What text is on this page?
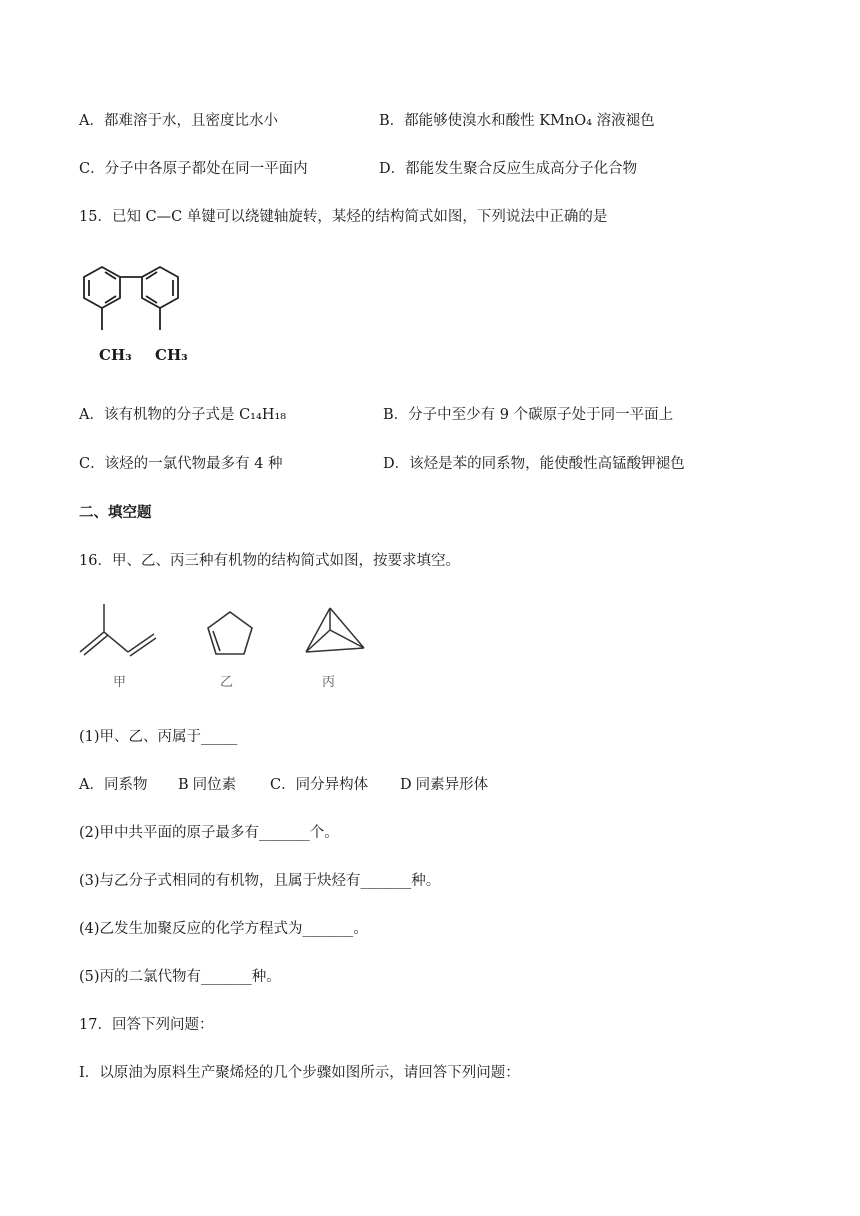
A．都难溶于水，且密度比水小	B．都能够使溴水和酸性 KMnO₄ 溶液褪色
C．分子中各原子都处在同一平面内	D．都能发生聚合反应生成高分子化合物
15．已知 C—C 单键可以绕键轴旋转，某烃的结构简式如图，下列说法中正确的是
CH₃ CH₃
A．该有机物的分子式是 C₁₄H₁₈	B．分子中至少有 9 个碳原子处于同一平面上
C．该烃的一氯代物最多有 4 种	D．该烃是苯的同系物，能使酸性高锰酸钾褪色
二、填空题
16．甲、乙、丙三种有机物的结构简式如图，按要求填空。
甲	乙	丙
(1)甲、乙、丙属于_____
A．同系物 B 同位素 C．同分异构体 D 同素异形体
(2)甲中共平面的原子最多有_______个。
(3)与乙分子式相同的有机物，且属于炔烃有_______种。
(4)乙发生加聚反应的化学方程式为_______。
(5)丙的二氯代物有_______种。
17．回答下列问题：
Ⅰ．以原油为原料生产聚烯烃的几个步骤如图所示，请回答下列问题：
